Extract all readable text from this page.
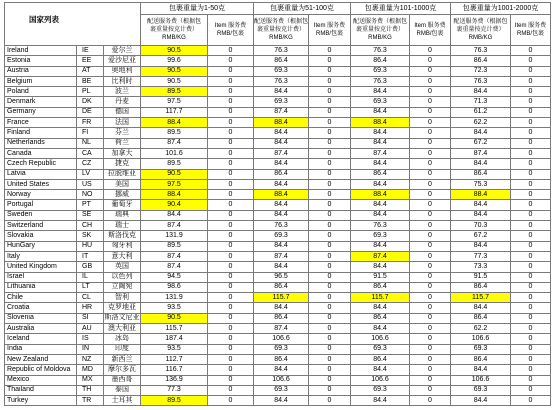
国家列表
包裹重量为1-50克	包裹重量为51-100克	包裹重量为101-1000克	包裹重量为1001-2000克
配送服务费（根据包
裹重量按克计费）
RMB/KG
Item 服务费
RMB/包裹
配送服务费（根据包
裹重量按克计费）
RMB/KG
Item 服务费
RMB/包裹
配送服务费（根据包
裹重量按克计费）
RMB/KG
Item 服务费
RMB/包裹
配送服务费（根据包
裹重量按克计费）
RMB/KG
Item 服务费
RMB/包裹
Ireland	IE	爱尔兰	90.5	0	76.3	0	76.3	0	76.3	0
Estonia	EE	爱沙尼亚	99.6	0	86.4	0	86.4	0	86.4	0
Austria	AT	奥地利	90.5	0	69.3	0	69.3	0	72.3	0
Belgium	BE	比利时	90.5	0	76.3	0	76.3	0	76.3	0
Poland	PL	波兰	89.5	0	84.4	0	84.4	0	84.4	0
Denmark	DK	丹麦	97.5	0	69.3	0	69.3	0	71.3	0
Germany	DE	德国	117.7	0	87.4	0	84.4	0	61.2	0
France	FR	法国	88.4	0	88.4	0	88.4	0	62.2	0
Finland	FI	芬兰	89.5	0	84.4	0	84.4	0	84.4	0
Netherlands	NL	荷兰	87.4	0	84.4	0	84.4	0	67.2	0
Canada	CA	加拿大	101.6	0	87.4	0	87.4	0	87.4	0
Czech Republic	CZ	捷克	89.5	0	84.4	0	84.4	0	84.4	0
Latvia	LV	拉脱维亚	90.5	0	86.4	0	86.4	0	86.4	0
United States	US	美国	97.5	0	84.4	0	84.4	0	75.3	0
Norway	NO	挪威	88.4	0	88.4	0	88.4	0	88.4	0
Portugal	PT	葡萄牙	90.4	0	84.4	0	84.4	0	84.4	0
Sweden	SE	瑞典	84.4	0	84.4	0	84.4	0	84.4	0
Switzerland	CH	瑞士	87.4	0	76.3	0	76.3	0	70.3	0
Slovakia	SK	斯洛伐克	131.9	0	69.3	0	69.3	0	67.2	0
HunGary	HU	匈牙利	89.5	0	84.4	0	84.4	0	84.4	0
Italy	IT	意大利	87.4	0	87.4	0	87.4	0	77.3	0
United Kingdom	GB	英国	87.4	0	84.4	0	84.4	0	73.3	0
Israel	IL	以色列	94.5	0	96.5	0	91.5	0	91.5	0
Lithuania	LT	立陶宛	98.6	0	86.4	0	86.4	0	86.4	0
Chile	CL	智利	131.9	0	115.7	0	115.7	0	115.7	0
Croatia	HR	克罗地亚	93.5	0	84.4	0	84.4	0	84.4	0
Slovenia	SI	斯洛文尼亚	90.5	0	86.4	0	86.4	0	86.4	0
Australia	AU	澳大利亚	115.7	0	87.4	0	84.4	0	62.2	0
Iceland	IS	冰岛	187.4	0	106.6	0	106.6	0	106.6	0
India	IN	印度	93.5	0	69.3	0	69.3	0	69.3	0
New Zealand	NZ	新西兰	112.7	0	86.4	0	86.4	0	86.4	0
Republic of Moldova	MD	摩尔多瓦	116.7	0	84.4	0	84.4	0	84.4	0
Mexico	MX	墨西哥	136.9	0	106.6	0	106.6	0	106.6	0
Thailand	TH	泰国	77.3	0	69.3	0	69.3	0	69.3	0
Turkey	TR	土耳其	89.5	0	84.4	0	84.4	0	84.4	0
